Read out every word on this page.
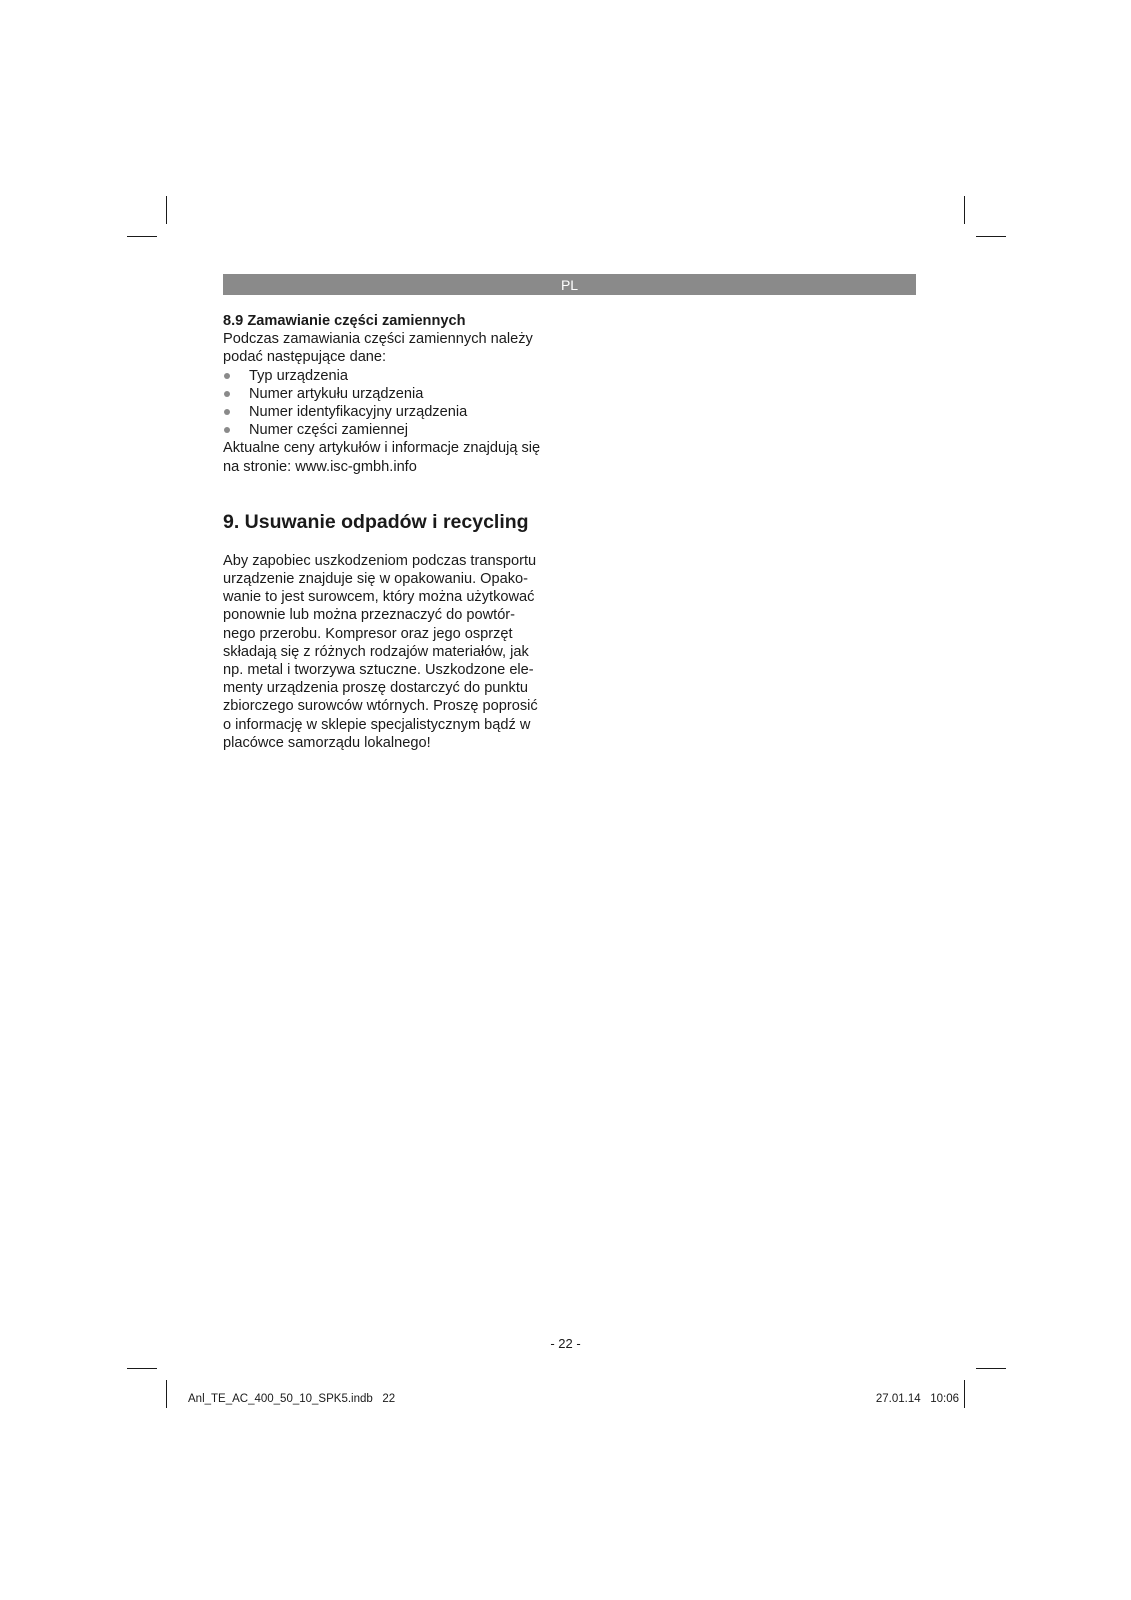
PL
8.9 Zamawianie części zamiennych

Podczas zamawiania części zamiennych należy
podać następujące dane:

Typ urządzenia
Numer artykułu urządzenia
Numer identyfikacyjny urządzenia
Numer części zamiennej

Aktualne ceny artykułów i informacje znajdują się
na stronie: www.isc-gmbh.info

9. Usuwanie odpadów i recycling

Aby zapobiec uszkodzeniom podczas transportu
urządzenie znajduje się w opakowaniu. Opako-
wanie to jest surowcem, który można użytkować
ponownie lub można przeznaczyć do powtór-
nego przerobu. Kompresor oraz jego osprzęt
składają się z różnych rodzajów materiałów, jak
np. metal i tworzywa sztuczne. Uszkodzone ele-
menty urządzenia proszę dostarczyć do punktu
zbiorczego surowców wtórnych. Proszę poprosić
o informację w sklepie specjalistycznym bądź w
placówce samorządu lokalnego!

- 22 -
Anl_TE_AC_400_50_10_SPK5.indb   22	27.01.14   10:06
